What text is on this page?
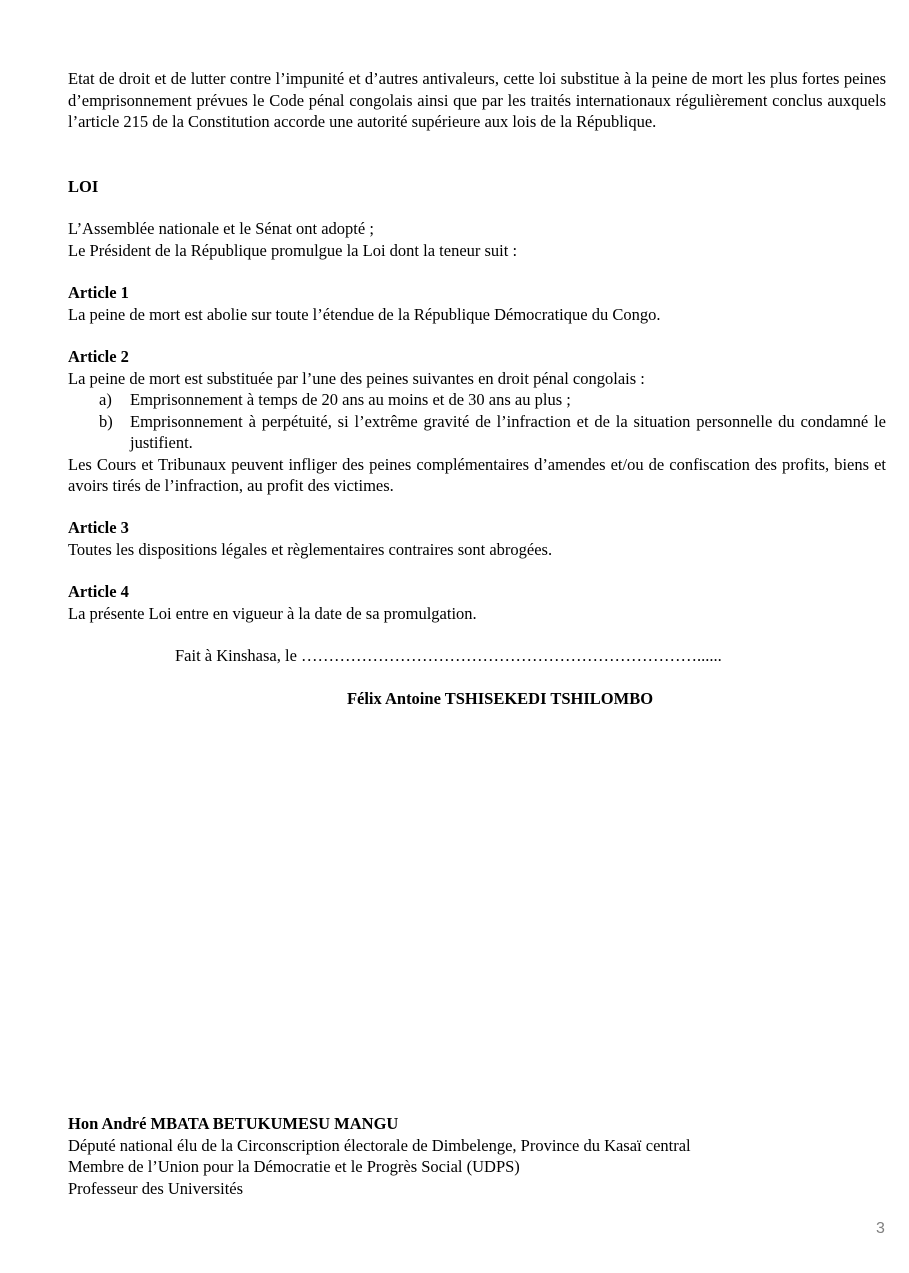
Etat de droit et de lutter contre l’impunité et d’autres antivaleurs, cette loi substitue à la peine de mort les plus fortes peines d’emprisonnement prévues le Code pénal congolais ainsi que par les traités internationaux régulièrement conclus auxquels l’article 215 de la Constitution accorde une autorité supérieure aux lois de la République.

LOI

L’Assemblée nationale et le Sénat ont adopté ;

Le Président de la République promulgue la Loi dont la teneur suit :

Article 1

La peine de mort est abolie sur toute l’étendue de la République Démocratique du Congo.

Article 2

La peine de mort est substituée par l’une des peines suivantes en droit pénal congolais :

a)	Emprisonnement à temps de 20 ans au moins et de 30 ans au plus ;
b)	Emprisonnement à perpétuité, si l’extrême gravité de l’infraction et de la situation personnelle du condamné le justifient.

Les Cours et Tribunaux peuvent infliger des peines complémentaires d’amendes et/ou de confiscation des profits, biens et avoirs tirés de l’infraction, au profit des victimes.

Article 3

Toutes les dispositions légales et règlementaires contraires sont abrogées.

Article 4

La présente Loi entre en vigueur à la date de sa promulgation.

Fait à Kinshasa, le ………………………………………………………………......

Félix Antoine TSHISEKEDI TSHILOMBO

Hon André MBATA BETUKUMESU MANGU

Député national élu de la Circonscription électorale de Dimbelenge, Province du Kasaï central

Membre de l’Union pour la Démocratie et le Progrès Social (UDPS)

Professeur des Universités

3
